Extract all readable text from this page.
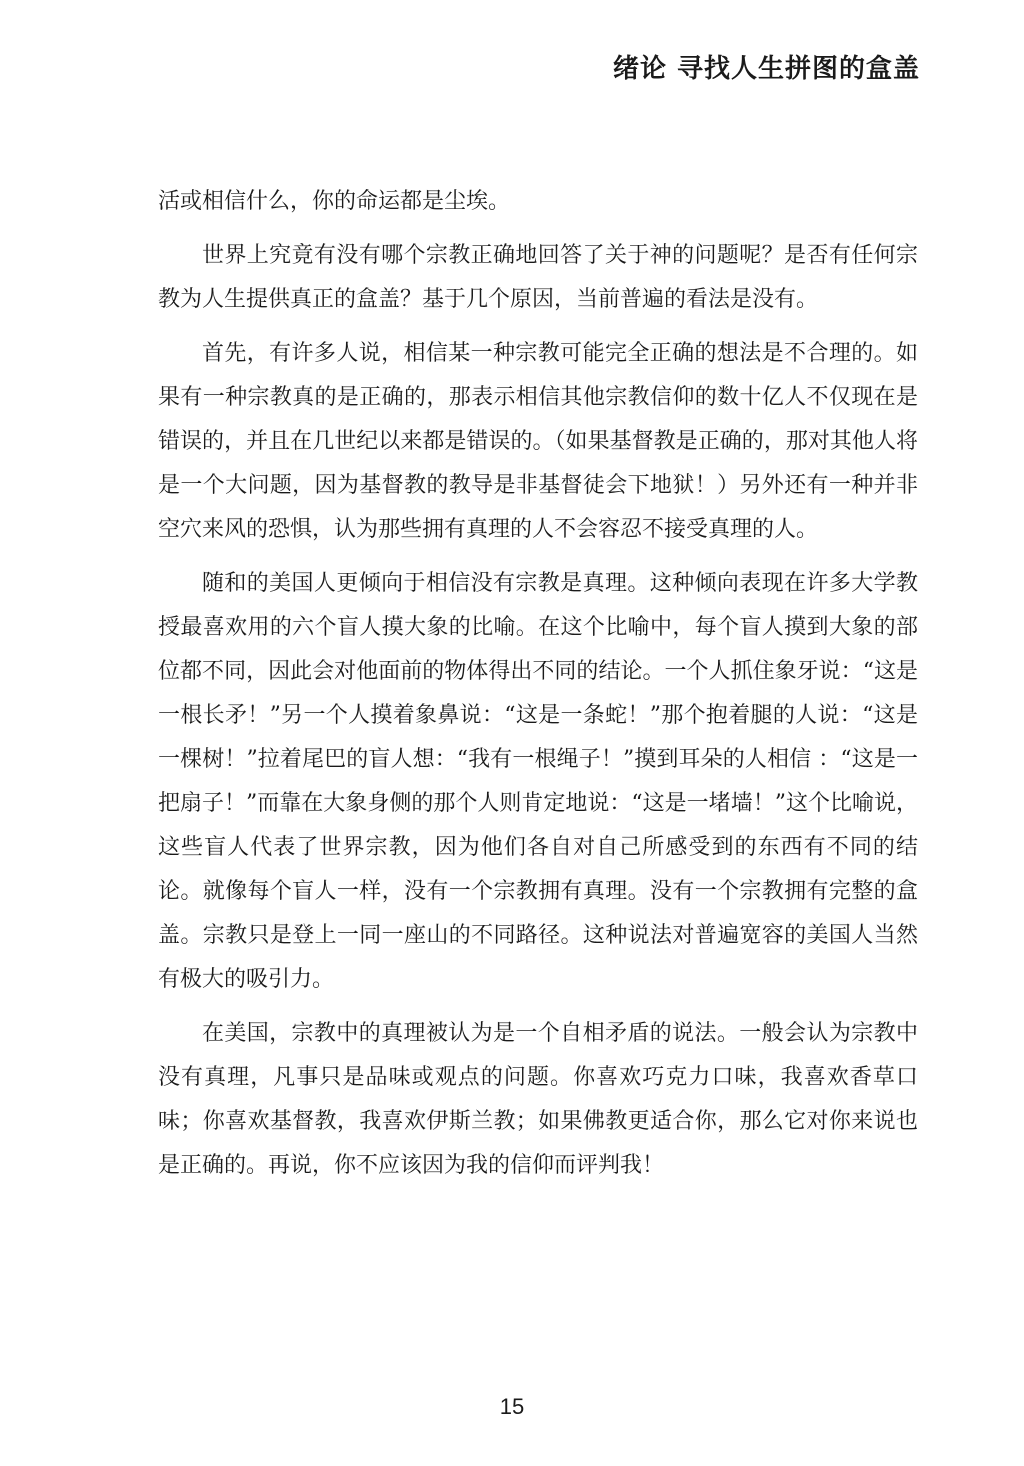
绪论 寻找人生拼图的盒盖

活或相信什么，你的命运都是尘埃。

世界上究竟有没有哪个宗教正确地回答了关于神的问题呢？是否有任何宗教为人生提供真正的盒盖？基于几个原因，当前普遍的看法是没有。

首先，有许多人说，相信某一种宗教可能完全正确的想法是不合理的。如果有一种宗教真的是正确的，那表示相信其他宗教信仰的数十亿人不仅现在是错误的，并且在几世纪以来都是错误的。（如果基督教是正确的，那对其他人将是一个大问题，因为基督教的教导是非基督徒会下地狱！）另外还有一种并非空穴来风的恐惧，认为那些拥有真理的人不会容忍不接受真理的人。

随和的美国人更倾向于相信没有宗教是真理。这种倾向表现在许多大学教授最喜欢用的六个盲人摸大象的比喻。在这个比喻中，每个盲人摸到大象的部位都不同，因此会对他面前的物体得出不同的结论。一个人抓住象牙说：“这是一根长矛！”另一个人摸着象鼻说：“这是一条蛇！”那个抱着腿的人说：“这是一棵树！”拉着尾巴的盲人想：“我有一根绳子！”摸到耳朵的人相信 ：“这是一把扇子！”而靠在大象身侧的那个人则肯定地说：“这是一堵墙！”这个比喻说，这些盲人代表了世界宗教，因为他们各自对自己所感受到的东西有不同的结论。就像每个盲人一样，没有一个宗教拥有真理。没有一个宗教拥有完整的盒盖。宗教只是登上一同一座山的不同路径。这种说法对普遍宽容的美国人当然有极大的吸引力。

在美国，宗教中的真理被认为是一个自相矛盾的说法。一般会认为宗教中没有真理，凡事只是品味或观点的问题。你喜欢巧克力口味，我喜欢香草口味；你喜欢基督教，我喜欢伊斯兰教；如果佛教更适合你，那么它对你来说也是正确的。再说，你不应该因为我的信仰而评判我！

15
